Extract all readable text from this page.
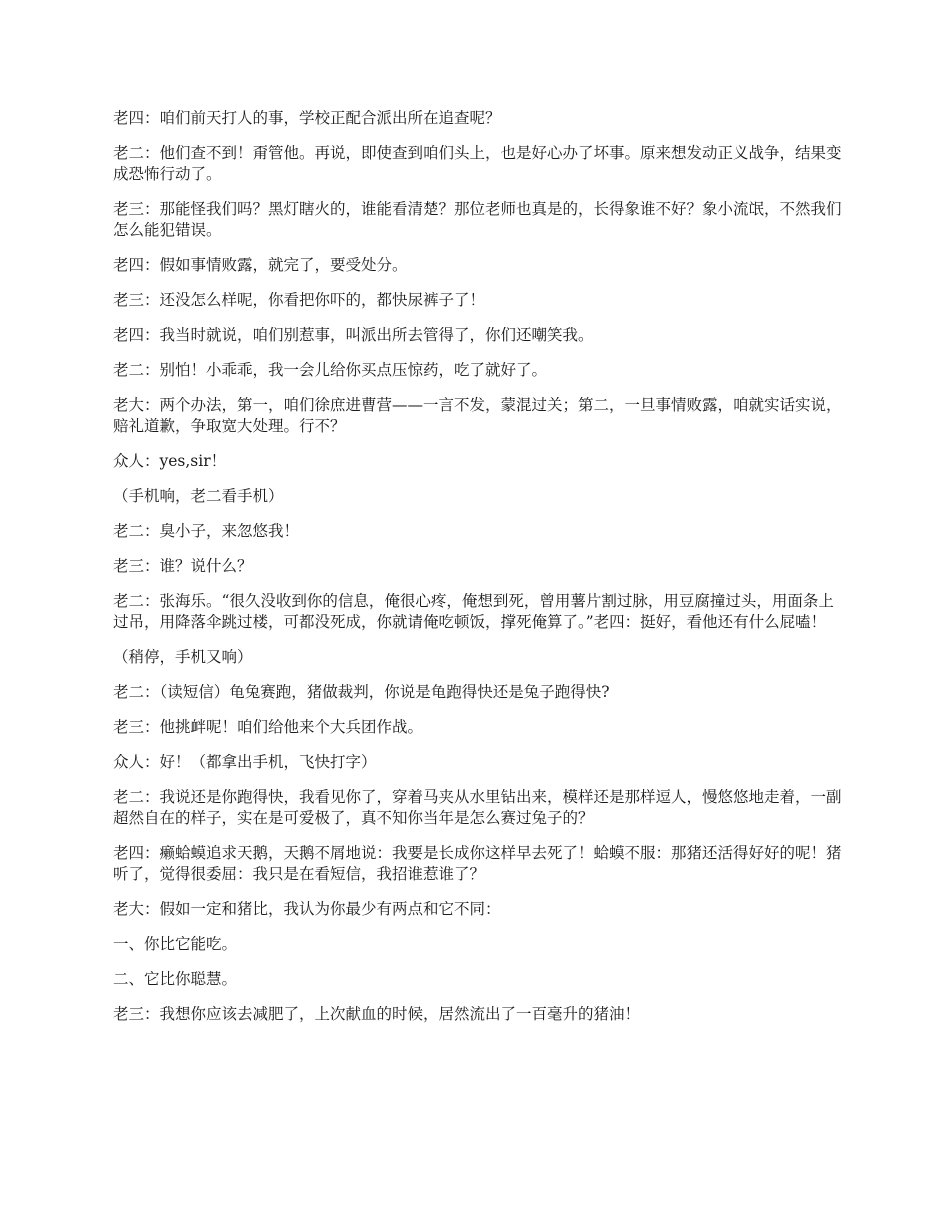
老四：咱们前天打人的事，学校正配合派出所在追查呢？

老二：他们查不到！甭管他。再说，即使查到咱们头上，也是好心办了坏事。原来想发动正义战争，结果变成恐怖行动了。

老三：那能怪我们吗？黑灯瞎火的，谁能看清楚？那位老师也真是的，长得象谁不好？象小流氓，不然我们怎么能犯错误。

老四：假如事情败露，就完了，要受处分。

老三：还没怎么样呢，你看把你吓的，都快尿裤子了！

老四：我当时就说，咱们别惹事，叫派出所去管得了，你们还嘲笑我。

老二：别怕！小乖乖，我一会儿给你买点压惊药，吃了就好了。

老大：两个办法，第一，咱们徐庶进曹营——一言不发，蒙混过关；第二，一旦事情败露，咱就实话实说，赔礼道歉，争取宽大处理。行不？

众人：yes,sir！

（手机响，老二看手机）

老二：臭小子，来忽悠我！

老三：谁？说什么？

老二：张海乐。“很久没收到你的信息，俺很心疼，俺想到死，曾用薯片割过脉，用豆腐撞过头，用面条上过吊，用降落伞跳过楼，可都没死成，你就请俺吃顿饭，撑死俺算了。”老四：挺好，看他还有什么屁嗑！

（稍停，手机又响）

老二：（读短信）龟兔赛跑，猪做裁判，你说是龟跑得快还是兔子跑得快?

老三：他挑衅呢！咱们给他来个大兵团作战。

众人：好！（都拿出手机，飞快打字）

老二：我说还是你跑得快，我看见你了，穿着马夹从水里钻出来，模样还是那样逗人，慢悠悠地走着，一副超然自在的样子，实在是可爱极了，真不知你当年是怎么赛过兔子的？

老四：癞蛤蟆追求天鹅，天鹅不屑地说：我要是长成你这样早去死了！蛤蟆不服：那猪还活得好好的呢！猪听了，觉得很委屈：我只是在看短信，我招谁惹谁了？

老大：假如一定和猪比，我认为你最少有两点和它不同：

一、你比它能吃。

二、它比你聪慧。

老三：我想你应该去减肥了，上次献血的时候，居然流出了一百毫升的猪油！
